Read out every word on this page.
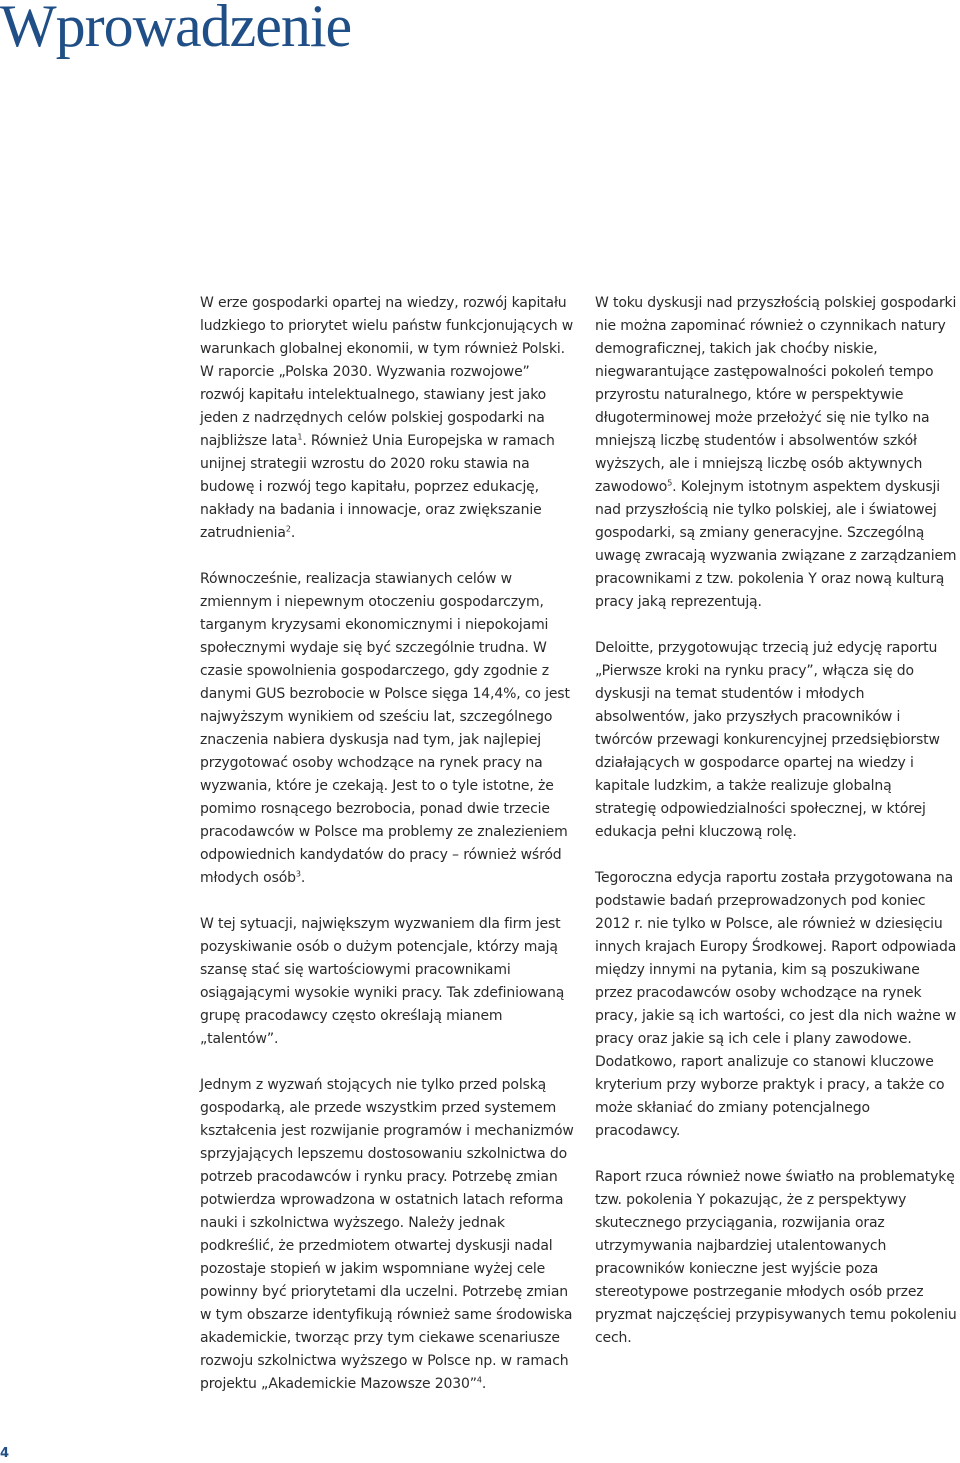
Wprowadzenie

W erze gospodarki opartej na wiedzy, rozwój kapitału ludzkiego to priorytet wielu państw funkcjonujących w warunkach globalnej ekonomii, w tym również Polski. W raporcie „Polska 2030. Wyzwania rozwojowe” rozwój kapitału intelektualnego, stawiany jest jako jeden z nadrzędnych celów polskiej gospodarki na najbliższe lata$^1$. Również Unia Europejska w ramach unijnej strategii wzrostu do 2020 roku stawia na budowę i rozwój tego kapitału, poprzez edukację, nakłady na badania i innowacje, oraz zwiększanie zatrudnienia$^2$.

Równocześnie, realizacja stawianych celów w zmiennym i niepewnym otoczeniu gospodarczym, targanym kryzysami ekonomicznymi i niepokojami społecznymi wydaje się być szczególnie trudna. W czasie spowolnienia gospodarczego, gdy zgodnie z danymi GUS bezrobocie w Polsce sięga 14,4%, co jest najwyższym wynikiem od sześciu lat, szczególnego znaczenia nabiera dyskusja nad tym, jak najlepiej przygotować osoby wchodzące na rynek pracy na wyzwania, które je czekają. Jest to o tyle istotne, że pomimo rosnącego bezrobocia, ponad dwie trzecie pracodawców w Polsce ma problemy ze znalezieniem odpowiednich kandydatów do pracy – również wśród młodych osób$^3$.

W tej sytuacji, największym wyzwaniem dla firm jest pozyskiwanie osób o dużym potencjale, którzy mają szansę stać się wartościowymi pracownikami osiągającymi wysokie wyniki pracy. Tak zdefiniowaną grupę pracodawcy często określają mianem „talentów”.

Jednym z wyzwań stojących nie tylko przed polską gospodarką, ale przede wszystkim przed systemem kształcenia jest rozwijanie programów i mechanizmów sprzyjających lepszemu dostosowaniu szkolnictwa do potrzeb pracodawców i rynku pracy. Potrzebę zmian potwierdza wprowadzona w ostatnich latach reforma nauki i szkolnictwa wyższego. Należy jednak podkreślić, że przedmiotem otwartej dyskusji nadal pozostaje stopień w jakim wspomniane wyżej cele powinny być priorytetami dla uczelni. Potrzebę zmian w tym obszarze identyfikują również same środowiska akademickie, tworząc przy tym ciekawe scenariusze rozwoju szkolnictwa wyższego w Polsce np. w ramach projektu „Akademickie Mazowsze 2030”$^4$.

W toku dyskusji nad przyszłością polskiej gospodarki nie można zapominać również o czynnikach natury demograficznej, takich jak choćby niskie, niegwarantujące zastępowalności pokoleń tempo przyrostu naturalnego, które w perspektywie długoterminowej może przełożyć się nie tylko na mniejszą liczbę studentów i absolwentów szkół wyższych, ale i mniejszą liczbę osób aktywnych zawodowo$^5$. Kolejnym istotnym aspektem dyskusji nad przyszłością nie tylko polskiej, ale i światowej gospodarki, są zmiany generacyjne. Szczególną uwagę zwracają wyzwania związane z zarządzaniem pracownikami z tzw. pokolenia Y oraz nową kulturą pracy jaką reprezentują.

Deloitte, przygotowując trzecią już edycję raportu „Pierwsze kroki na rynku pracy”, włącza się do dyskusji na temat studentów i młodych absolwentów, jako przyszłych pracowników i twórców przewagi konkurencyjnej przedsiębiorstw działających w gospodarce opartej na wiedzy i kapitale ludzkim, a także realizuje globalną strategię odpowiedzialności społecznej, w której edukacja pełni kluczową rolę.

Tegoroczna edycja raportu została przygotowana na podstawie badań przeprowadzonych pod koniec 2012 r. nie tylko w Polsce, ale również w dziesięciu innych krajach Europy Środkowej. Raport odpowiada między innymi na pytania, kim są poszukiwane przez pracodawców osoby wchodzące na rynek pracy, jakie są ich wartości, co jest dla nich ważne w pracy oraz jakie są ich cele i plany zawodowe. Dodatkowo, raport analizuje co stanowi kluczowe kryterium przy wyborze praktyk i pracy, a także co może skłaniać do zmiany potencjalnego pracodawcy.

Raport rzuca również nowe światło na problematykę tzw. pokolenia Y pokazując, że z perspektywy skutecznego przyciągania, rozwijania oraz utrzymywania najbardziej utalentowanych pracowników konieczne jest wyjście poza stereotypowe postrzeganie młodych osób przez pryzmat najczęściej przypisywanych temu pokoleniu cech.

4
